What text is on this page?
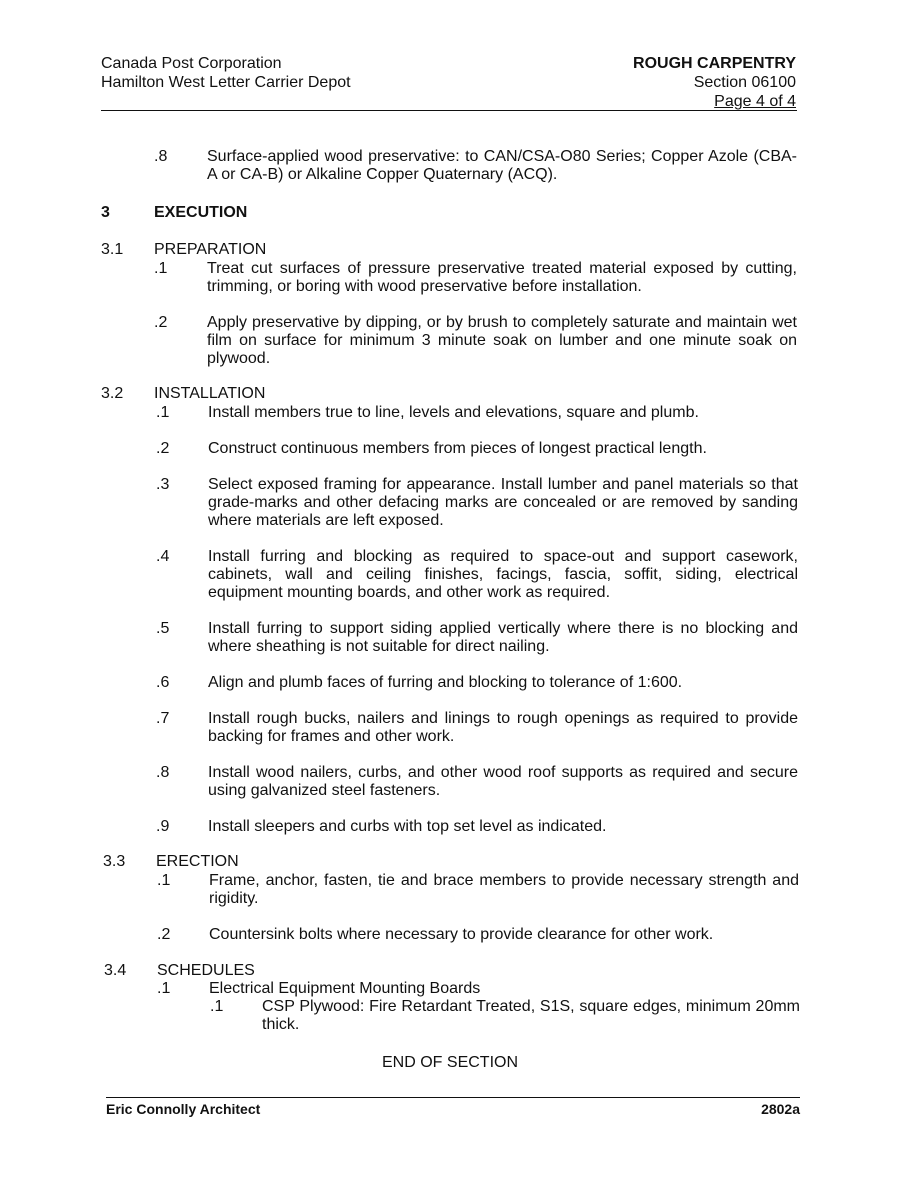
Canada Post Corporation
Hamilton West Letter Carrier Depot
ROUGH CARPENTRY
Section 06100
Page 4 of 4
.8 Surface-applied wood preservative: to CAN/CSA-O80 Series; Copper Azole (CBA-A or CA-B) or Alkaline Copper Quaternary (ACQ).
3	EXECUTION
3.1 PREPARATION
.1 Treat cut surfaces of pressure preservative treated material exposed by cutting, trimming, or boring with wood preservative before installation.
.2 Apply preservative by dipping, or by brush to completely saturate and maintain wet film on surface for minimum 3 minute soak on lumber and one minute soak on plywood.
3.2 INSTALLATION
.1 Install members true to line, levels and elevations, square and plumb.
.2 Construct continuous members from pieces of longest practical length.
.3 Select exposed framing for appearance. Install lumber and panel materials so that grade-marks and other defacing marks are concealed or are removed by sanding where materials are left exposed.
.4 Install furring and blocking as required to space-out and support casework, cabinets, wall and ceiling finishes, facings, fascia, soffit, siding, electrical equipment mounting boards, and other work as required.
.5 Install furring to support siding applied vertically where there is no blocking and where sheathing is not suitable for direct nailing.
.6 Align and plumb faces of furring and blocking to tolerance of 1:600.
.7 Install rough bucks, nailers and linings to rough openings as required to provide backing for frames and other work.
.8 Install wood nailers, curbs, and other wood roof supports as required and secure using galvanized steel fasteners.
.9 Install sleepers and curbs with top set level as indicated.
3.3 ERECTION
.1 Frame, anchor, fasten, tie and brace members to provide necessary strength and rigidity.
.2 Countersink bolts where necessary to provide clearance for other work.
3.4 SCHEDULES
.1 Electrical Equipment Mounting Boards
.1 CSP Plywood: Fire Retardant Treated, S1S, square edges, minimum 20mm thick.
END OF SECTION
Eric Connolly Architect	2802a
